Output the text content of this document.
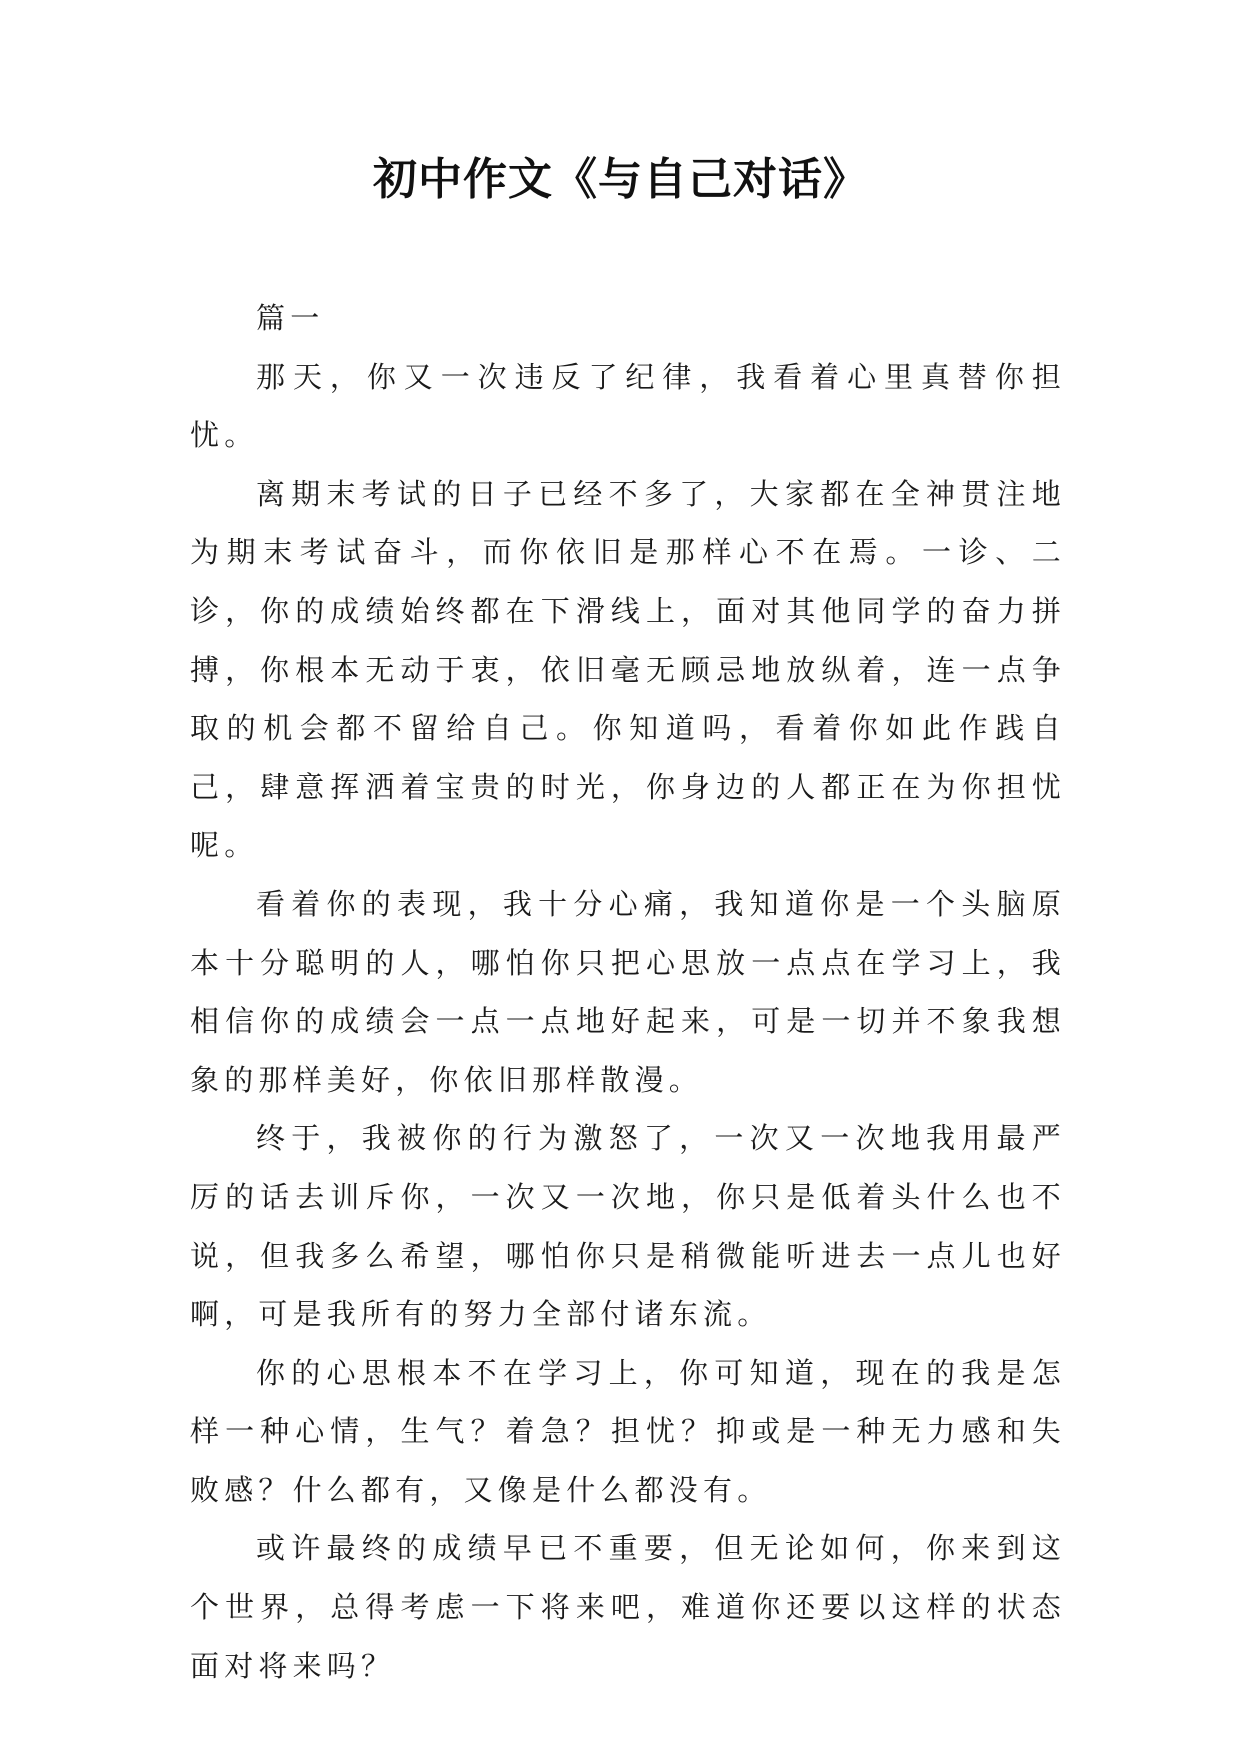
初中作文《与自己对话》

篇一

那天，你又一次违反了纪律，我看着心里真替你担忧。

离期末考试的日子已经不多了，大家都在全神贯注地为期末考试奋斗，而你依旧是那样心不在焉。一诊、二诊，你的成绩始终都在下滑线上，面对其他同学的奋力拼搏，你根本无动于衷，依旧毫无顾忌地放纵着，连一点争取的机会都不留给自己。你知道吗，看着你如此作践自己，肆意挥洒着宝贵的时光，你身边的人都正在为你担忧呢。

看着你的表现，我十分心痛，我知道你是一个头脑原本十分聪明的人，哪怕你只把心思放一点点在学习上，我相信你的成绩会一点一点地好起来，可是一切并不象我想象的那样美好，你依旧那样散漫。

终于，我被你的行为激怒了，一次又一次地我用最严厉的话去训斥你，一次又一次地，你只是低着头什么也不说，但我多么希望，哪怕你只是稍微能听进去一点儿也好啊，可是我所有的努力全部付诸东流。

你的心思根本不在学习上，你可知道，现在的我是怎样一种心情，生气？着急？担忧？抑或是一种无力感和失败感？什么都有，又像是什么都没有。

或许最终的成绩早已不重要，但无论如何，你来到这个世界，总得考虑一下将来吧，难道你还要以这样的状态面对将来吗？
